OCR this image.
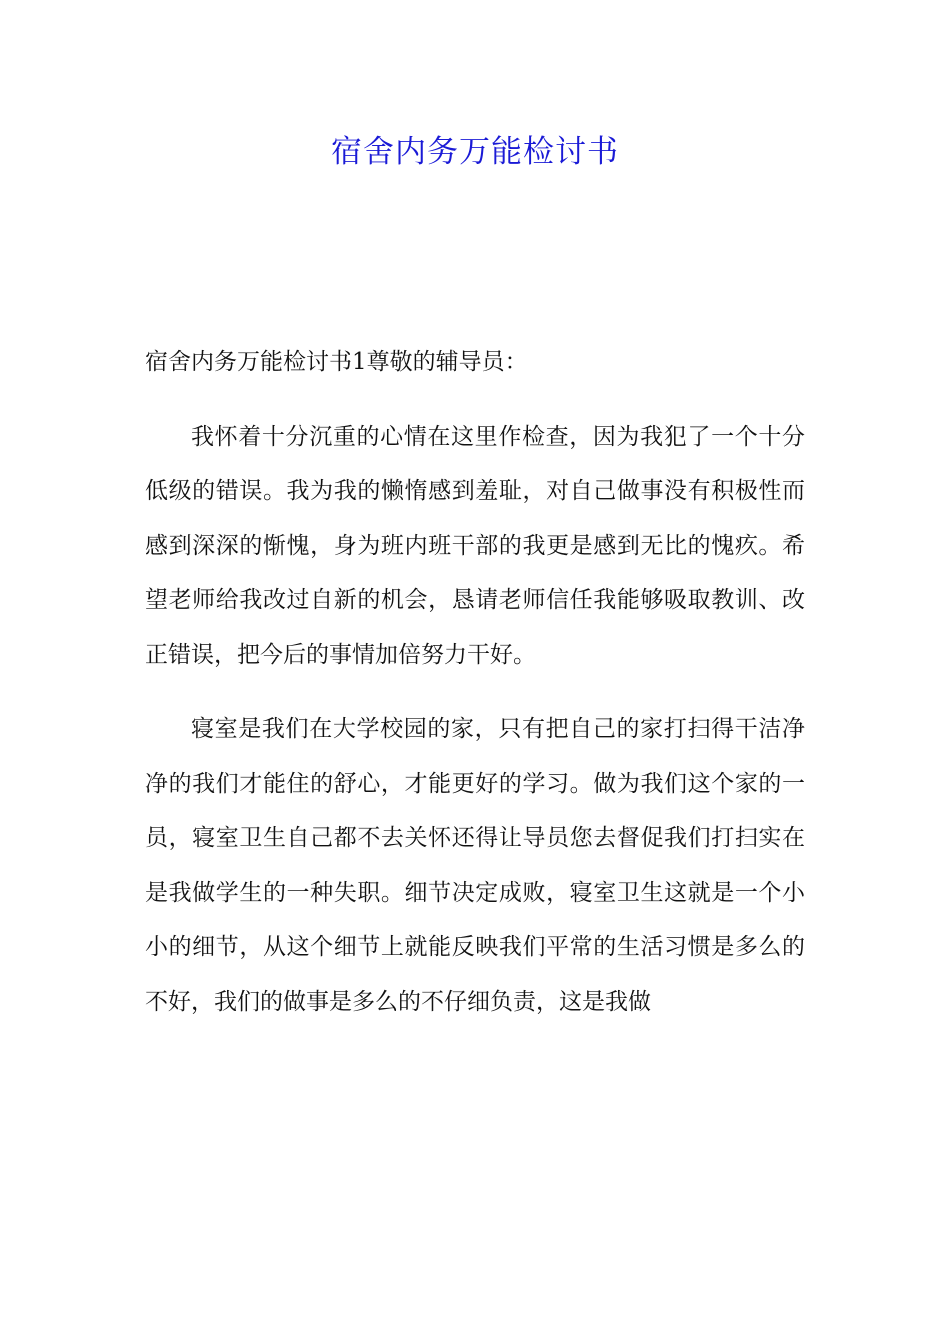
宿舍内务万能检讨书

宿舍内务万能检讨书1尊敬的辅导员：

我怀着十分沉重的心情在这里作检查，因为我犯了一个十分低级的错误。我为我的懒惰感到羞耻，对自己做事没有积极性而感到深深的惭愧，身为班内班干部的我更是感到无比的愧疚。希望老师给我改过自新的机会，恳请老师信任我能够吸取教训、改正错误，把今后的事情加倍努力干好。

寝室是我们在大学校园的家，只有把自己的家打扫得干洁净净的我们才能住的舒心，才能更好的学习。做为我们这个家的一员，寝室卫生自己都不去关怀还得让导员您去督促我们打扫实在是我做学生的一种失职。细节决定成败，寝室卫生这就是一个小小的细节，从这个细节上就能反映我们平常的生活习惯是多么的不好，我们的做事是多么的不仔细负责，这是我做
